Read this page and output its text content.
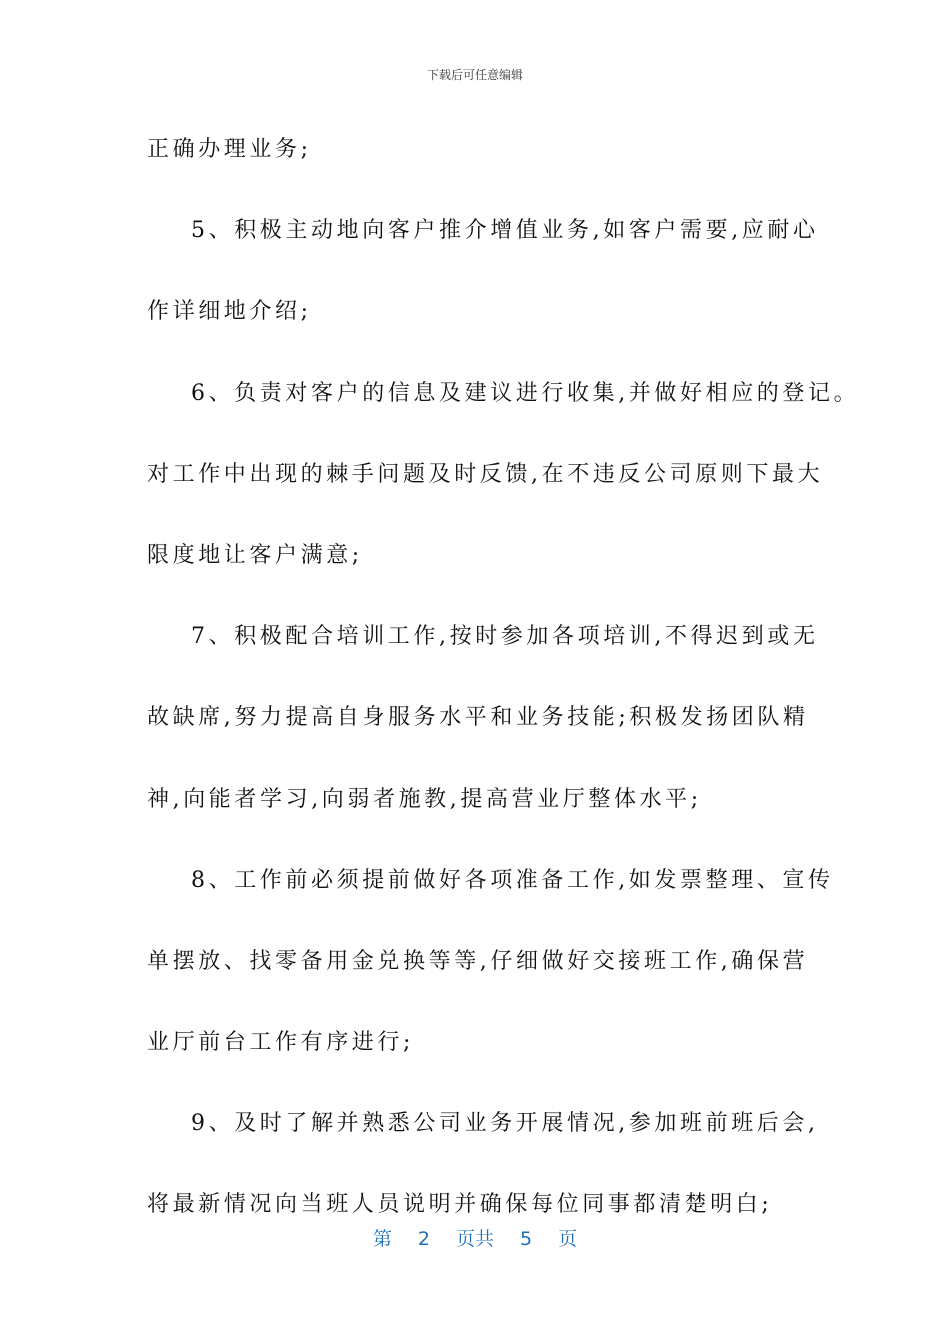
下载后可任意编辑
正确办理业务;
5、积极主动地向客户推介增值业务,如客户需要,应耐心
作详细地介绍;
6、负责对客户的信息及建议进行收集,并做好相应的登记。
对工作中出现的棘手问题及时反馈,在不违反公司原则下最大
限度地让客户满意;
7、积极配合培训工作,按时参加各项培训,不得迟到或无
故缺席,努力提高自身服务水平和业务技能;积极发扬团队精
神,向能者学习,向弱者施教,提高营业厅整体水平;
8、工作前必须提前做好各项准备工作,如发票整理、宣传
单摆放、找零备用金兑换等等,仔细做好交接班工作,确保营
业厅前台工作有序进行;
9、及时了解并熟悉公司业务开展情况,参加班前班后会,
将最新情况向当班人员说明并确保每位同事都清楚明白;
第 2 页共 5 页
